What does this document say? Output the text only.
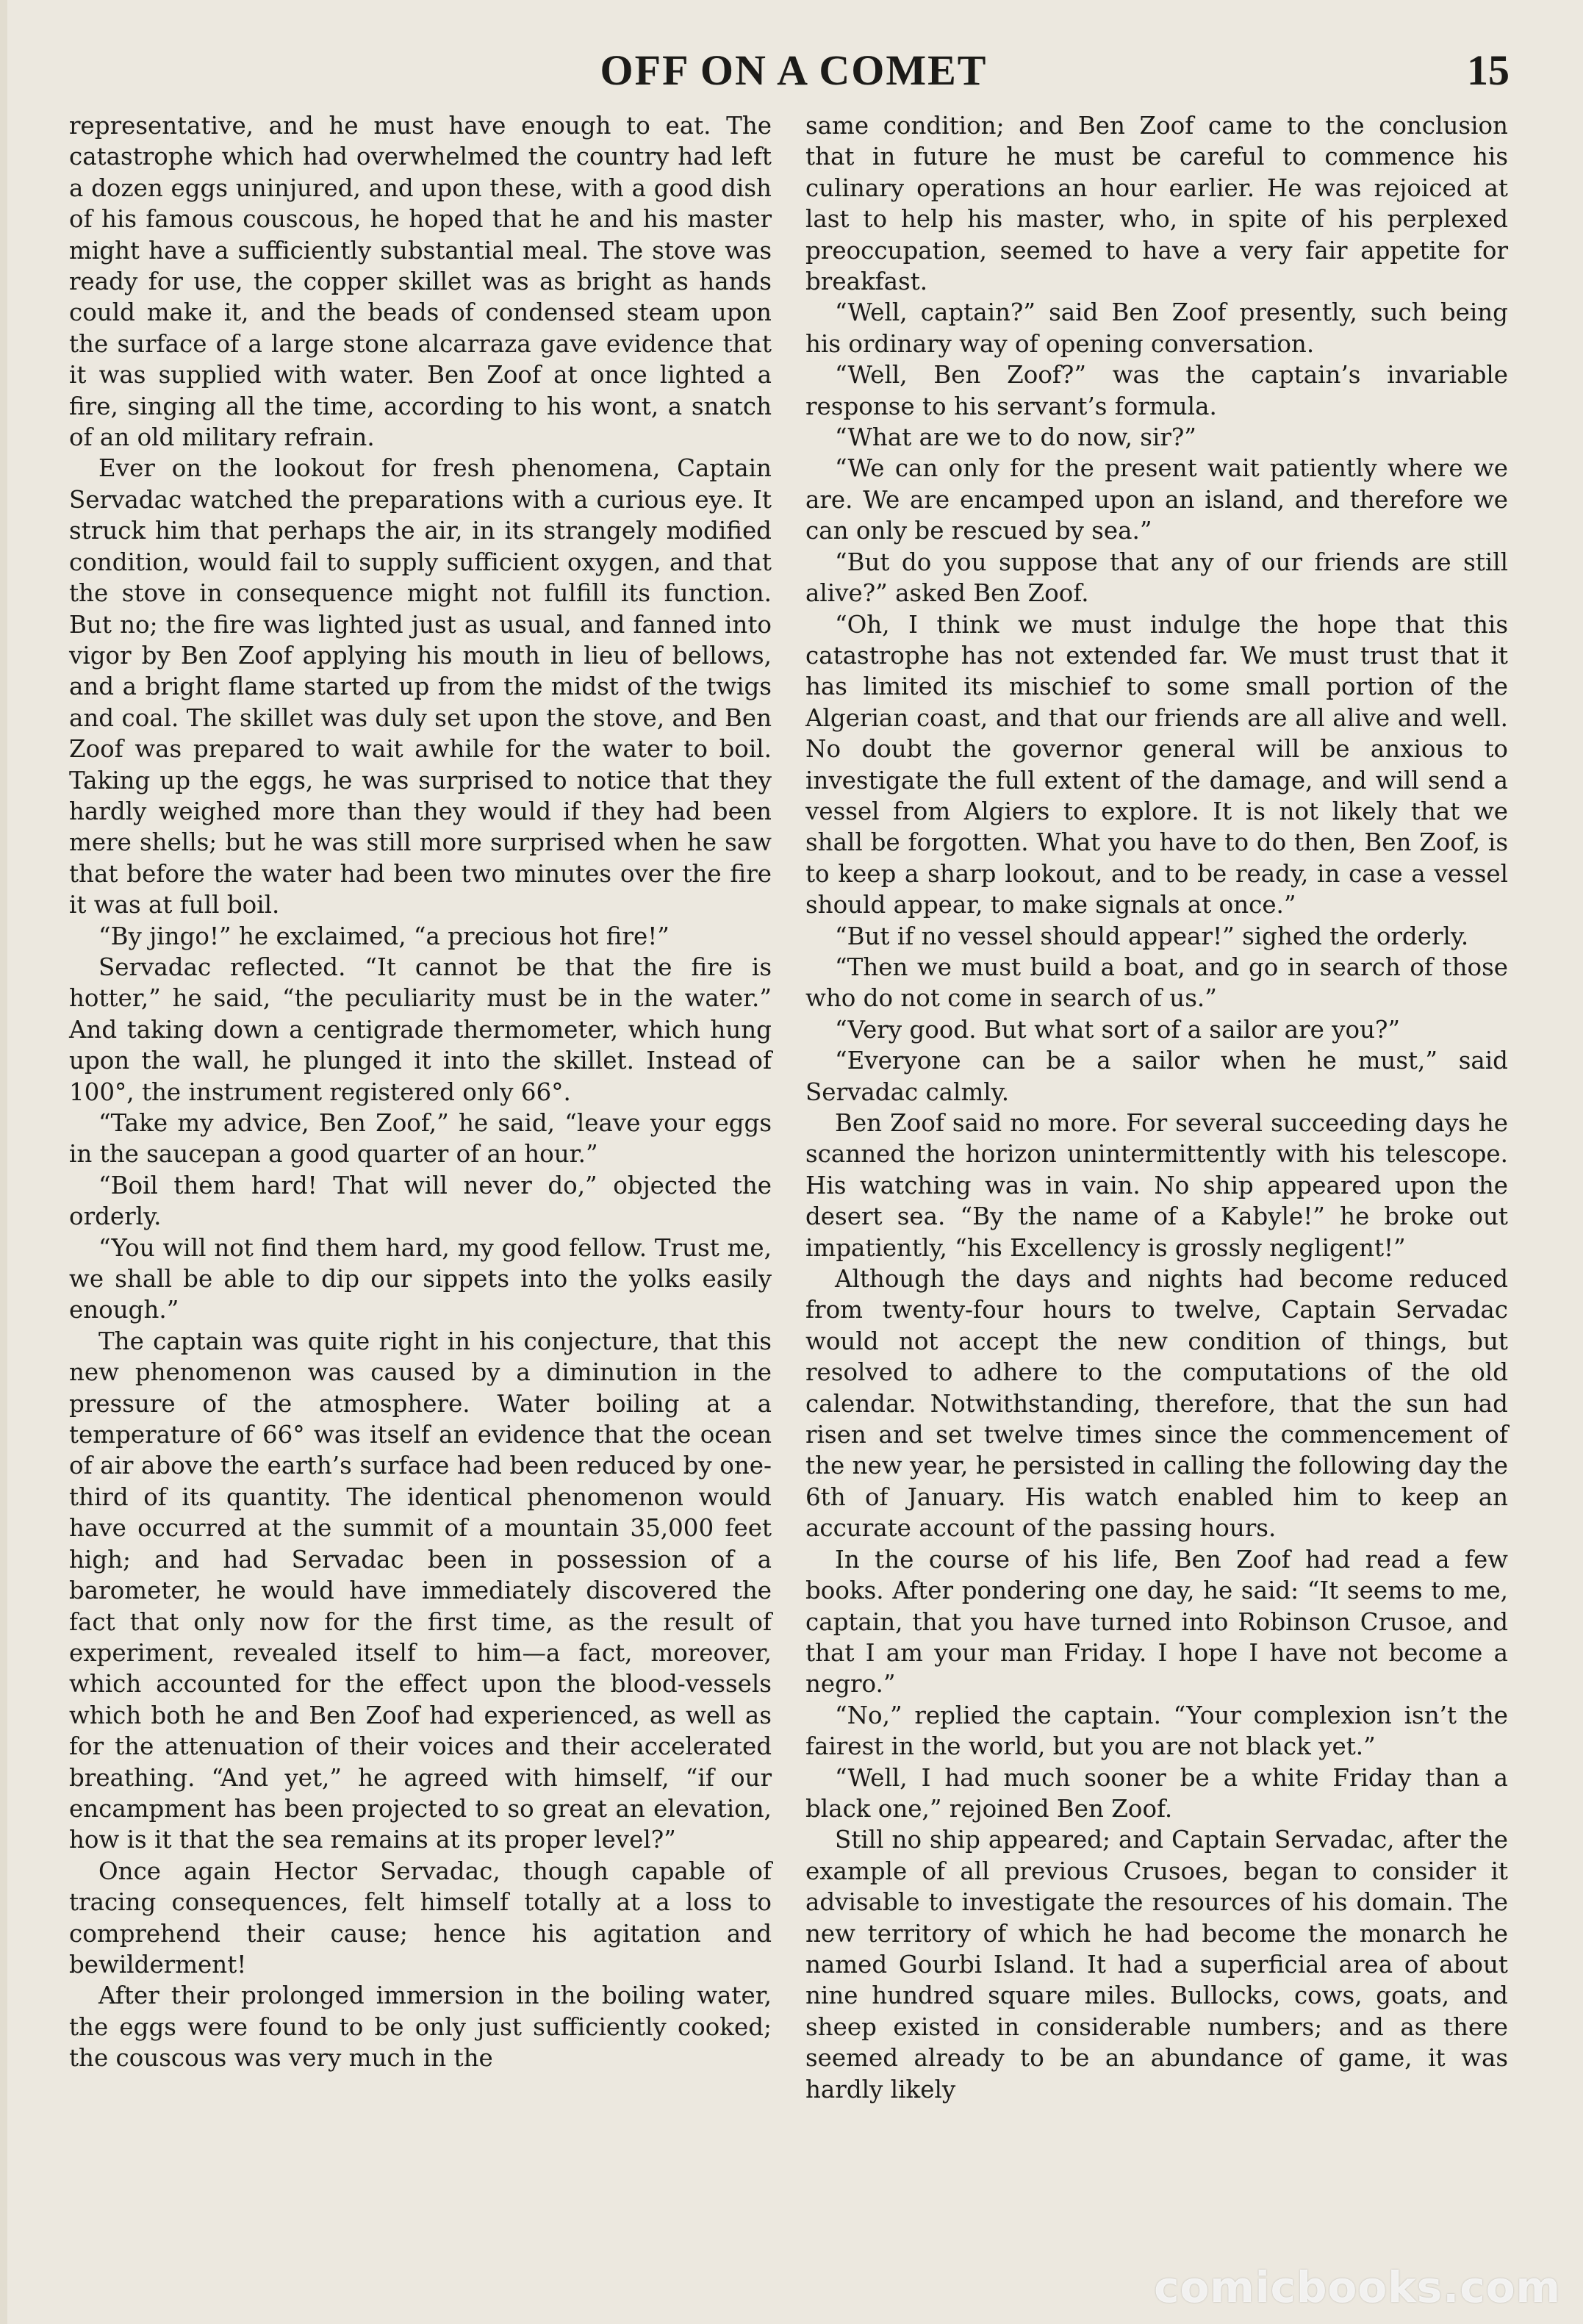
OFF ON A COMET	15

representative, and he must have enough to eat. The catastrophe which had overwhelmed the country had left a dozen eggs uninjured, and upon these, with a good dish of his famous couscous, he hoped that he and his master might have a sufficiently substantial meal. The stove was ready for use, the copper skillet was as bright as hands could make it, and the beads of condensed steam upon the surface of a large stone alcarraza gave evidence that it was supplied with water. Ben Zoof at once lighted a fire, singing all the time, according to his wont, a snatch of an old military refrain.

Ever on the lookout for fresh phenomena, Captain Servadac watched the preparations with a curious eye. It struck him that perhaps the air, in its strangely modified condition, would fail to supply sufficient oxygen, and that the stove in consequence might not fulfill its function. But no; the fire was lighted just as usual, and fanned into vigor by Ben Zoof applying his mouth in lieu of bellows, and a bright flame started up from the midst of the twigs and coal. The skillet was duly set upon the stove, and Ben Zoof was prepared to wait awhile for the water to boil. Taking up the eggs, he was surprised to notice that they hardly weighed more than they would if they had been mere shells; but he was still more surprised when he saw that before the water had been two minutes over the fire it was at full boil.

“By jingo!” he exclaimed, “a precious hot fire!”

Servadac reflected. “It cannot be that the fire is hotter,” he said, “the peculiarity must be in the water.” And taking down a centigrade thermometer, which hung upon the wall, he plunged it into the skillet. Instead of 100°, the instrument registered only 66°.

“Take my advice, Ben Zoof,” he said, “leave your eggs in the saucepan a good quarter of an hour.”

“Boil them hard! That will never do,” objected the orderly.

“You will not find them hard, my good fellow. Trust me, we shall be able to dip our sippets into the yolks easily enough.”

The captain was quite right in his conjecture, that this new phenomenon was caused by a diminution in the pressure of the atmosphere. Water boiling at a temperature of 66° was itself an evidence that the ocean of air above the earth’s surface had been reduced by one-third of its quantity. The identical phenomenon would have occurred at the summit of a mountain 35,000 feet high; and had Servadac been in possession of a barometer, he would have immediately discovered the fact that only now for the first time, as the result of experiment, revealed itself to him—a fact, moreover, which accounted for the effect upon the blood-vessels which both he and Ben Zoof had experienced, as well as for the attenuation of their voices and their accelerated breathing. “And yet,” he agreed with himself, “if our encampment has been projected to so great an elevation, how is it that the sea remains at its proper level?”

Once again Hector Servadac, though capable of tracing consequences, felt himself totally at a loss to comprehend their cause; hence his agitation and bewilderment!

After their prolonged immersion in the boiling water, the eggs were found to be only just sufficiently cooked; the couscous was very much in the

same condition; and Ben Zoof came to the conclusion that in future he must be careful to commence his culinary operations an hour earlier. He was rejoiced at last to help his master, who, in spite of his perplexed preoccupation, seemed to have a very fair appetite for breakfast.

“Well, captain?” said Ben Zoof presently, such being his ordinary way of opening conversation.

“Well, Ben Zoof?” was the captain’s invariable response to his servant’s formula.

“What are we to do now, sir?”

“We can only for the present wait patiently where we are. We are encamped upon an island, and therefore we can only be rescued by sea.”

“But do you suppose that any of our friends are still alive?” asked Ben Zoof.

“Oh, I think we must indulge the hope that this catastrophe has not extended far. We must trust that it has limited its mischief to some small portion of the Algerian coast, and that our friends are all alive and well. No doubt the governor general will be anxious to investigate the full extent of the damage, and will send a vessel from Algiers to explore. It is not likely that we shall be forgotten. What you have to do then, Ben Zoof, is to keep a sharp lookout, and to be ready, in case a vessel should appear, to make signals at once.”

“But if no vessel should appear!” sighed the orderly.

“Then we must build a boat, and go in search of those who do not come in search of us.”

“Very good. But what sort of a sailor are you?”

“Everyone can be a sailor when he must,” said Servadac calmly.

Ben Zoof said no more. For several succeeding days he scanned the horizon unintermittently with his telescope. His watching was in vain. No ship appeared upon the desert sea. “By the name of a Kabyle!” he broke out impatiently, “his Excellency is grossly negligent!”

Although the days and nights had become reduced from twenty-four hours to twelve, Captain Servadac would not accept the new condition of things, but resolved to adhere to the computations of the old calendar. Notwithstanding, therefore, that the sun had risen and set twelve times since the commencement of the new year, he persisted in calling the following day the 6th of January. His watch enabled him to keep an accurate account of the passing hours.

In the course of his life, Ben Zoof had read a few books. After pondering one day, he said: “It seems to me, captain, that you have turned into Robinson Crusoe, and that I am your man Friday. I hope I have not become a negro.”

“No,” replied the captain. “Your complexion isn’t the fairest in the world, but you are not black yet.”

“Well, I had much sooner be a white Friday than a black one,” rejoined Ben Zoof.

Still no ship appeared; and Captain Servadac, after the example of all previous Crusoes, began to consider it advisable to investigate the resources of his domain. The new territory of which he had become the monarch he named Gourbi Island. It had a superficial area of about nine hundred square miles. Bullocks, cows, goats, and sheep existed in considerable numbers; and as there seemed already to be an abundance of game, it was hardly likely

comicbooks.com
